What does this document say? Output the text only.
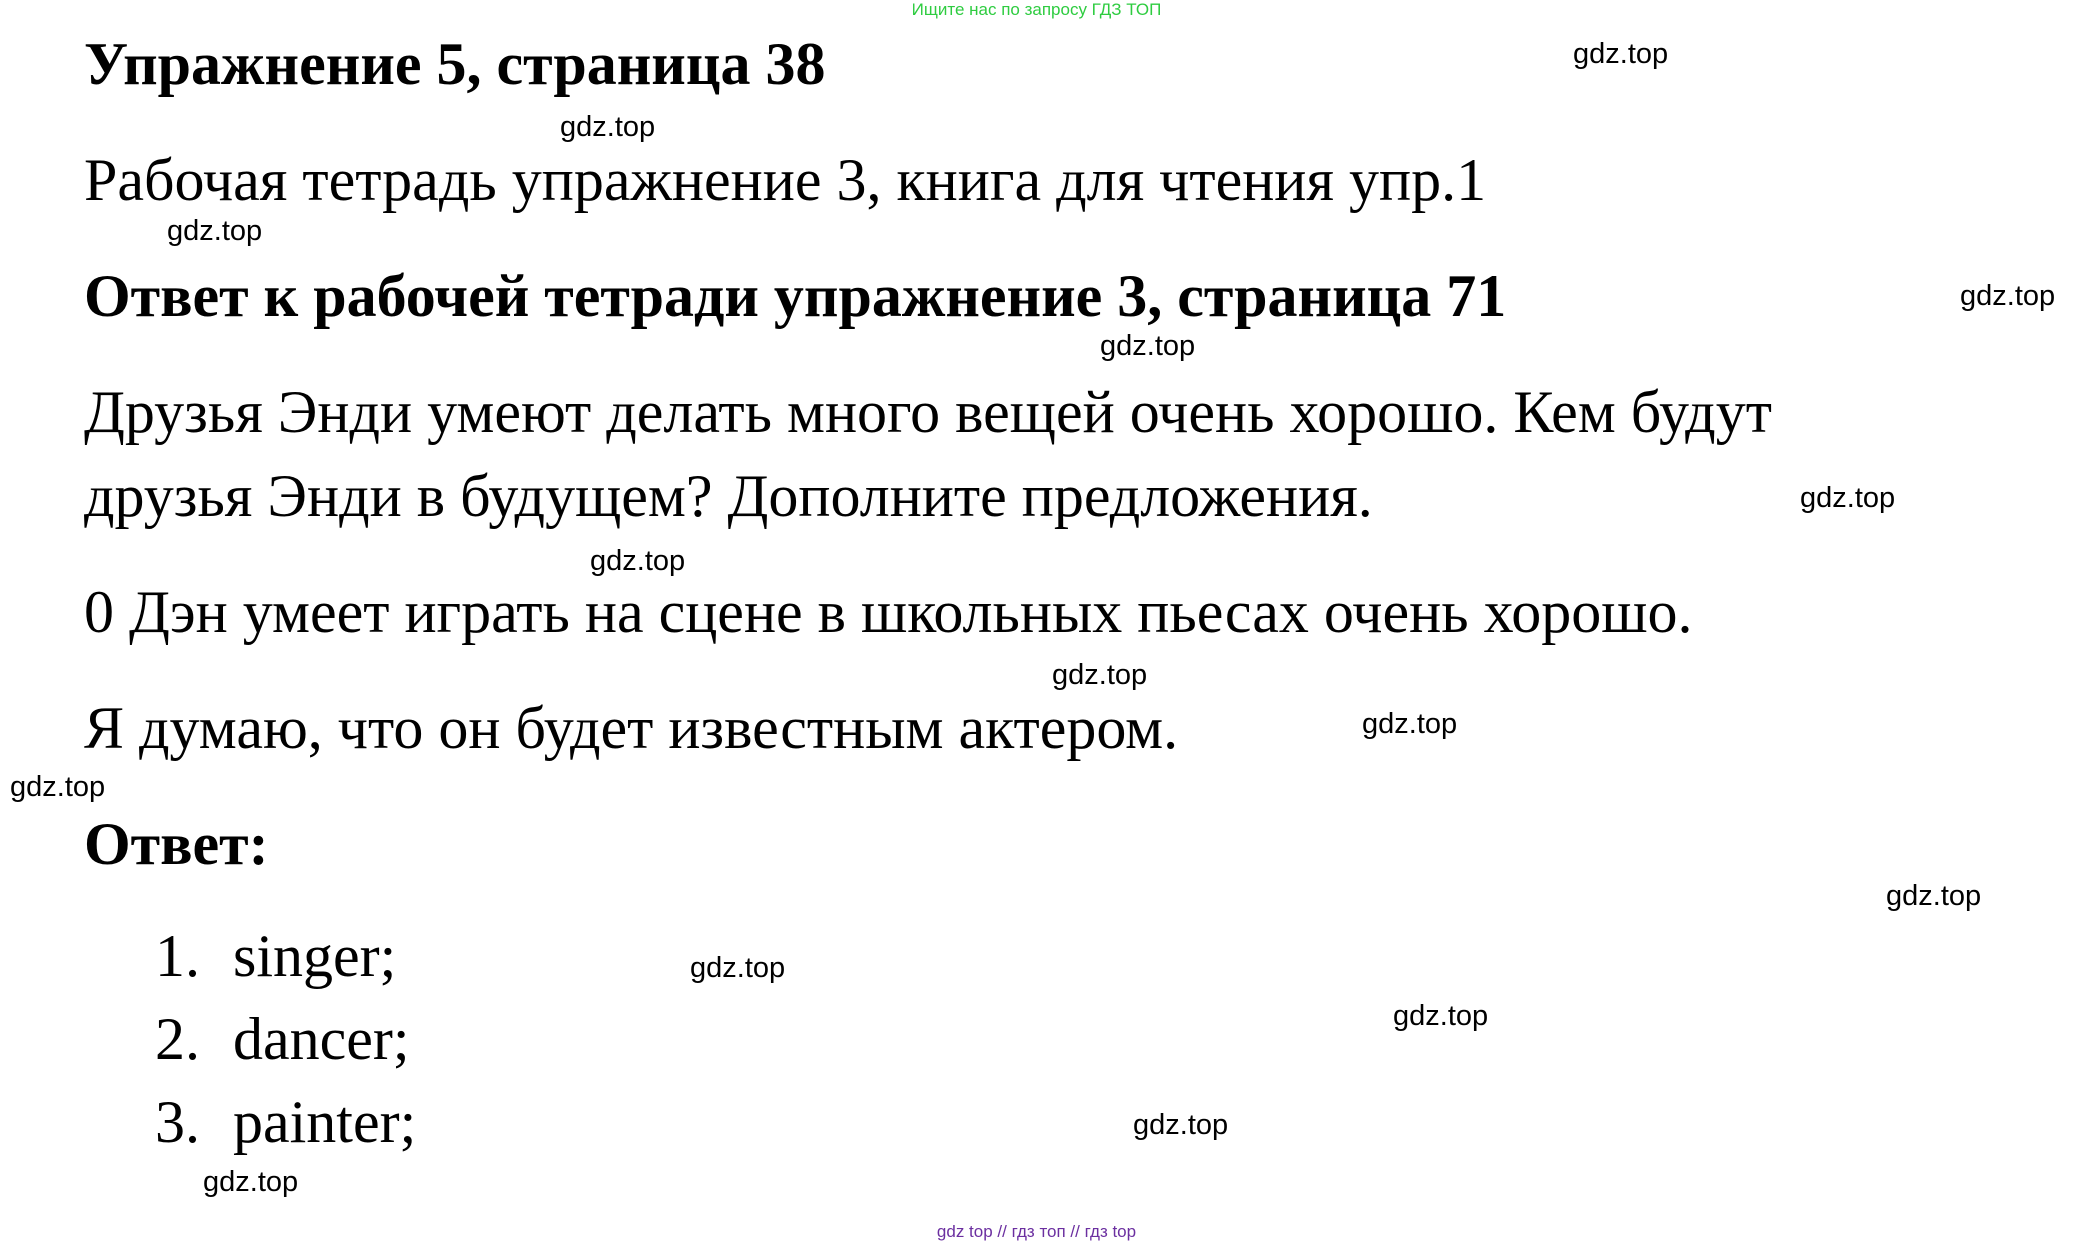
Ищите нас по запросу ГДЗ ТОП
Упражнение 5, страница 38

Рабочая тетрадь упражнение 3, книга для чтения упр.1

Ответ к рабочей тетради упражнение 3, страница 71

Друзья Энди умеют делать много вещей очень хорошо. Кем будут

друзья Энди в будущем? Дополните предложения.

0 Дэн умеет играть на сцене в школьных пьесах очень хорошо.

Я думаю, что он будет известным актером.

Ответ:
1. singer;
2. dancer;
3. painter;
gdz.top
gdz.top
gdz.top
gdz.top
gdz.top
gdz.top
gdz.top
gdz.top
gdz.top
gdz.top
gdz.top
gdz.top
gdz.top
gdz.top
gdz.top
gdz top // гдз топ // гдз top
